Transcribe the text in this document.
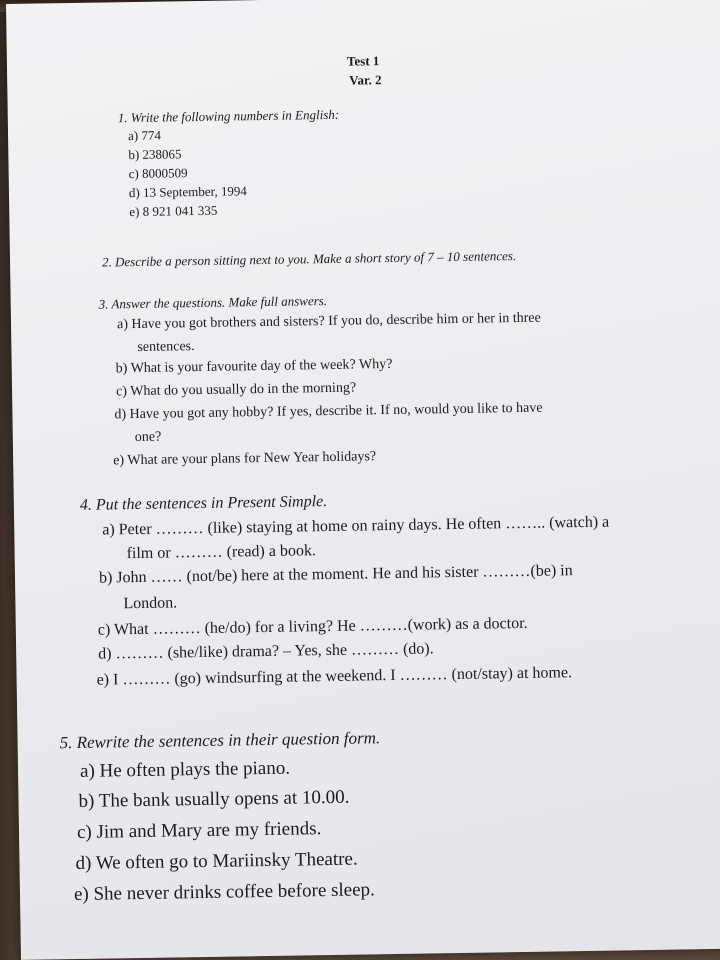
Test 1
Var. 2
1. Write the following numbers in English:
a) 774
b) 238065
c) 8000509
d) 13 September, 1994
e) 8 921 041 335
2. Describe a person sitting next to you. Make a short story of 7 – 10 sentences.
3. Answer the questions. Make full answers.
a) Have you got brothers and sisters? If you do, describe him or her in three
sentences.
b) What is your favourite day of the week? Why?
c) What do you usually do in the morning?
d) Have you got any hobby? If yes, describe it. If no, would you like to have
one?
e) What are your plans for New Year holidays?
4. Put the sentences in Present Simple.
a) Peter ……… (like) staying at home on rainy days. He often …….. (watch) a
film or ……… (read) a book.
b) John …… (not/be) here at the moment. He and his sister ………(be) in
London.
c) What ……… (he/do) for a living? He ………(work) as a doctor.
d) ……… (she/like) drama? – Yes, she ……… (do).
e) I ……… (go) windsurfing at the weekend. I ……… (not/stay) at home.
5. Rewrite the sentences in their question form.
a) He often plays the piano.
b) The bank usually opens at 10.00.
c) Jim and Mary are my friends.
d) We often go to Mariinsky Theatre.
e) She never drinks coffee before sleep.
